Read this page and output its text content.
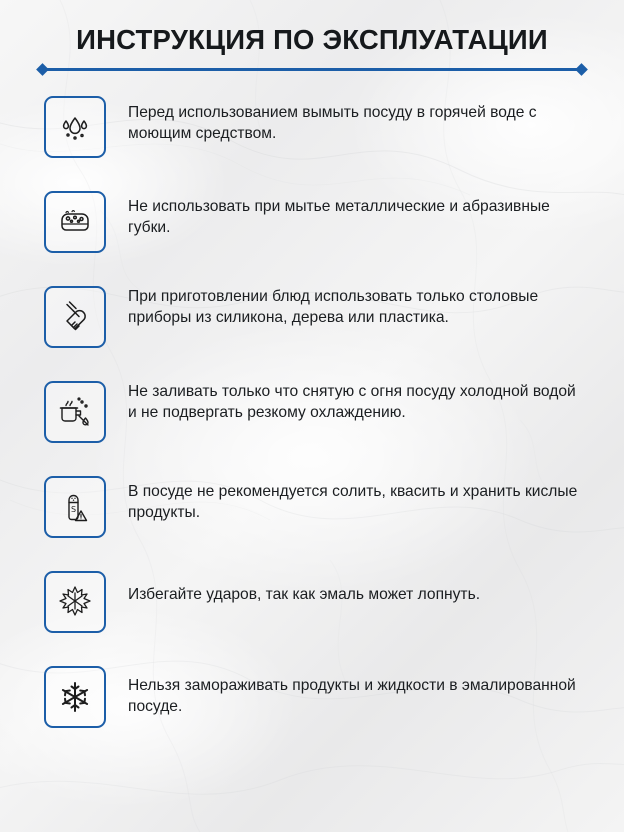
ИНСТРУКЦИЯ ПО ЭКСПЛУАТАЦИИ
Перед использованием вымыть посуду в горячей воде с моющим средством.
Не использовать при мытье металлические и абразивные губки.
При приготовлении блюд использовать только столовые приборы из силикона, дерева или пластика.
Не заливать только что снятую с огня посуду холодной водой и не подвергать резкому охлаждению.
S
В посуде не рекомендуется солить, квасить и хранить кислые продукты.
Избегайте ударов, так как эмаль может лопнуть.
Нельзя замораживать продукты и жидкости в эмалированной посуде.
